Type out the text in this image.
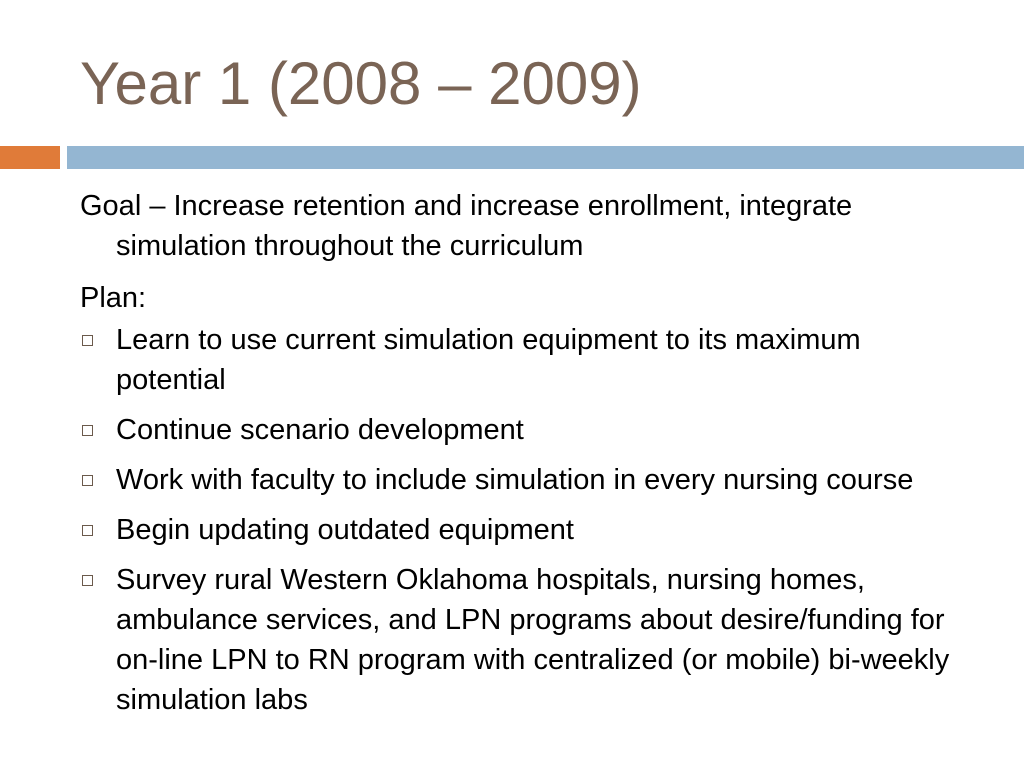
Year 1 (2008 – 2009)

Goal – Increase retention and increase enrollment, integrate simulation throughout the curriculum

Plan:

Learn to use current simulation equipment to its maximum potential
Continue scenario development
Work with faculty to include simulation in every nursing course
Begin updating outdated equipment
Survey rural Western Oklahoma hospitals, nursing homes, ambulance services, and LPN programs about desire/funding for on-line LPN to RN program with centralized (or mobile) bi-weekly simulation labs
